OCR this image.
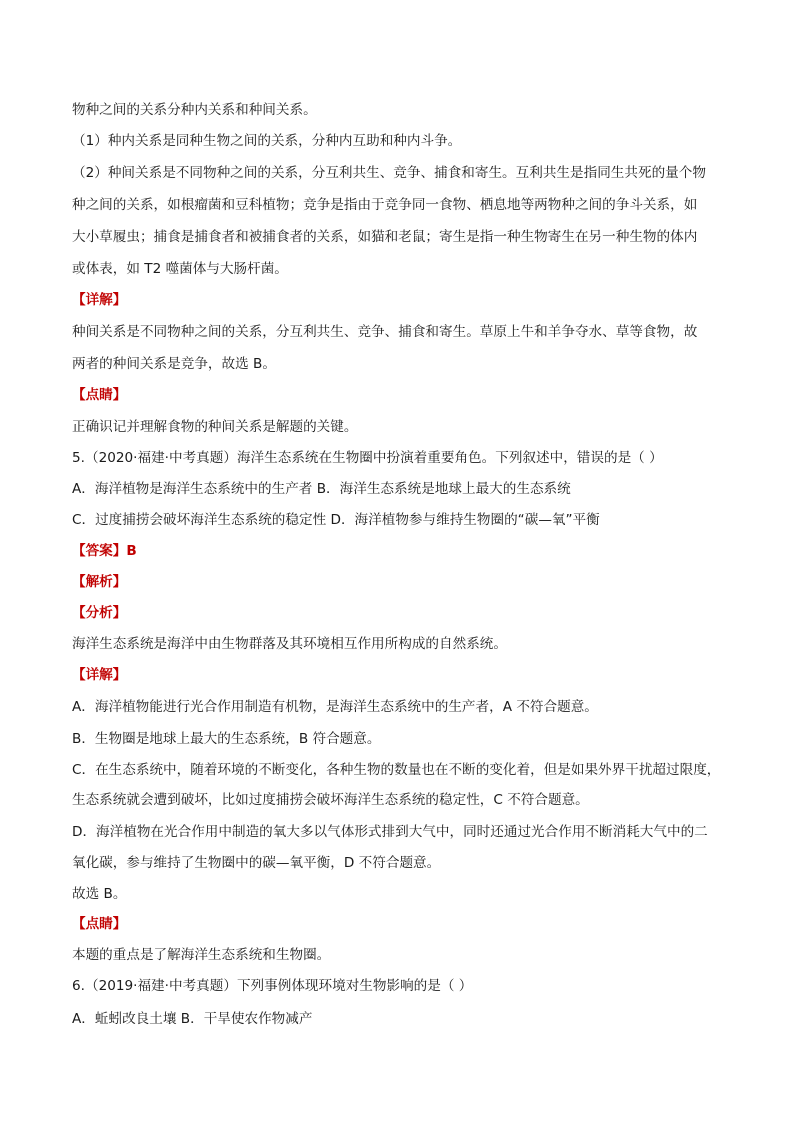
物种之间的关系分种内关系和种间关系。
（1）种内关系是同种生物之间的关系，分种内互助和种内斗争。
（2）种间关系是不同物种之间的关系，分互利共生、竞争、捕食和寄生。互利共生是指同生共死的量个物
种之间的关系，如根瘤菌和豆科植物；竞争是指由于竞争同一食物、栖息地等两物种之间的争斗关系，如
大小草履虫；捕食是捕食者和被捕食者的关系，如猫和老鼠；寄生是指一种生物寄生在另一种生物的体内
或体表，如 T2 噬菌体与大肠杆菌。
【详解】
种间关系是不同物种之间的关系，分互利共生、竞争、捕食和寄生。草原上牛和羊争夺水、草等食物，故
两者的种间关系是竞争，故选 B。
【点睛】
正确识记并理解食物的种间关系是解题的关键。
5.（2020·福建·中考真题）海洋生态系统在生物圈中扮演着重要角色。下列叙述中，错误的是（ ）
A．海洋植物是海洋生态系统中的生产者 B．海洋生态系统是地球上最大的生态系统
C．过度捕捞会破坏海洋生态系统的稳定性 D．海洋植物参与维持生物圈的“碳—氧”平衡
【答案】B
【解析】
【分析】
海洋生态系统是海洋中由生物群落及其环境相互作用所构成的自然系统。
【详解】
A．海洋植物能进行光合作用制造有机物，是海洋生态系统中的生产者，A 不符合题意。
B．生物圈是地球上最大的生态系统，B 符合题意。
C．在生态系统中，随着环境的不断变化，各种生物的数量也在不断的变化着，但是如果外界干扰超过限度，
生态系统就会遭到破坏，比如过度捕捞会破坏海洋生态系统的稳定性，C 不符合题意。
D．海洋植物在光合作用中制造的氧大多以气体形式排到大气中，同时还通过光合作用不断消耗大气中的二
氧化碳，参与维持了生物圈中的碳—氧平衡，D 不符合题意。
故选 B。
【点睛】
本题的重点是了解海洋生态系统和生物圈。
6.（2019·福建·中考真题）下列事例体现环境对生物影响的是（ ）
A．蚯蚓改良土壤 B．干旱使农作物减产
